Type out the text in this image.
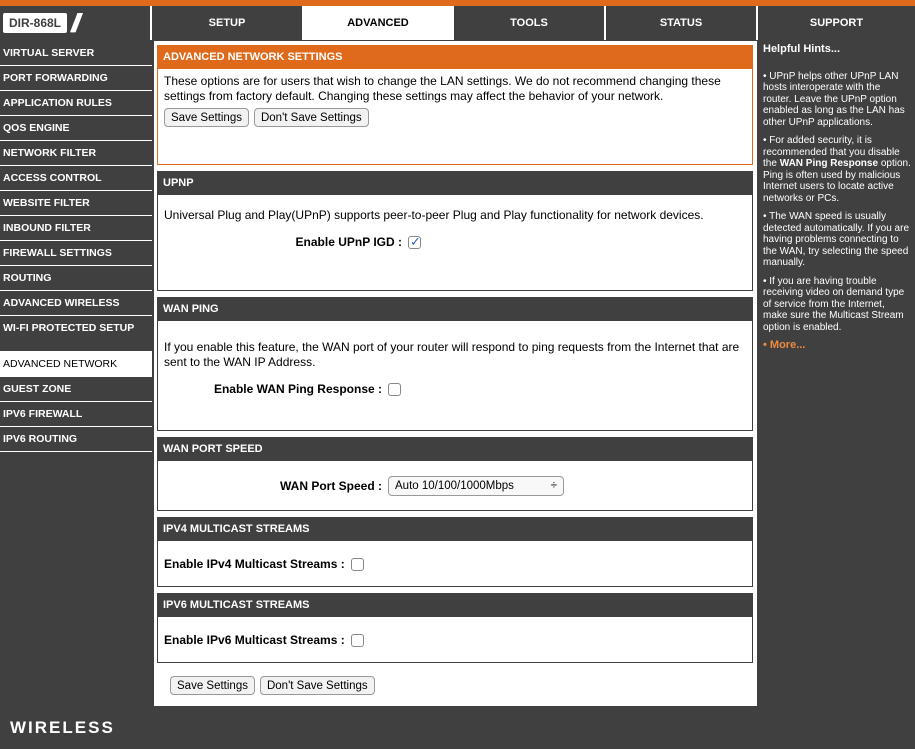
DIR-868L ///	SETUP	ADVANCED	TOOLS	STATUS	SUPPORT
VIRTUAL SERVER
PORT FORWARDING
APPLICATION RULES
QOS ENGINE
NETWORK FILTER
ACCESS CONTROL
WEBSITE FILTER
INBOUND FILTER
FIREWALL SETTINGS
ROUTING
ADVANCED WIRELESS
WI-FI PROTECTED SETUP
ADVANCED NETWORK
GUEST ZONE
IPV6 FIREWALL
IPV6 ROUTING
ADVANCED NETWORK SETTINGS

These options are for users that wish to change the LAN settings. We do not recommend changing these settings from factory default. Changing these settings may affect the behavior of your network.

Save Settings Don't Save Settings
UPNP

Universal Plug and Play(UPnP) supports peer-to-peer Plug and Play functionality for network devices.

Enable UPnP IGD :
✓
WAN PING

If you enable this feature, the WAN port of your router will respond to ping requests from the Internet that are sent to the WAN IP Address.

Enable WAN Ping Response :
WAN PORT SPEED
WAN Port Speed : Auto 10/100/1000Mbps	÷
IPV4 MULTICAST STREAMS
Enable IPv4 Multicast Streams :
IPV6 MULTICAST STREAMS
Enable IPv6 Multicast Streams :
Save Settings Don't Save Settings
Helpful Hints...

• UPnP helps other UPnP LAN hosts interoperate with the router. Leave the UPnP option enabled as long as the LAN has other UPnP applications.

• For added security, it is recommended that you disable the WAN Ping Response option. Ping is often used by malicious Internet users to locate active networks or PCs.

• The WAN speed is usually detected automatically. If you are having problems connecting to the WAN, try selecting the speed manually.

• If you are having trouble receiving video on demand type of service from the Internet, make sure the Multicast Stream option is enabled.

• More...

WIRELESS
